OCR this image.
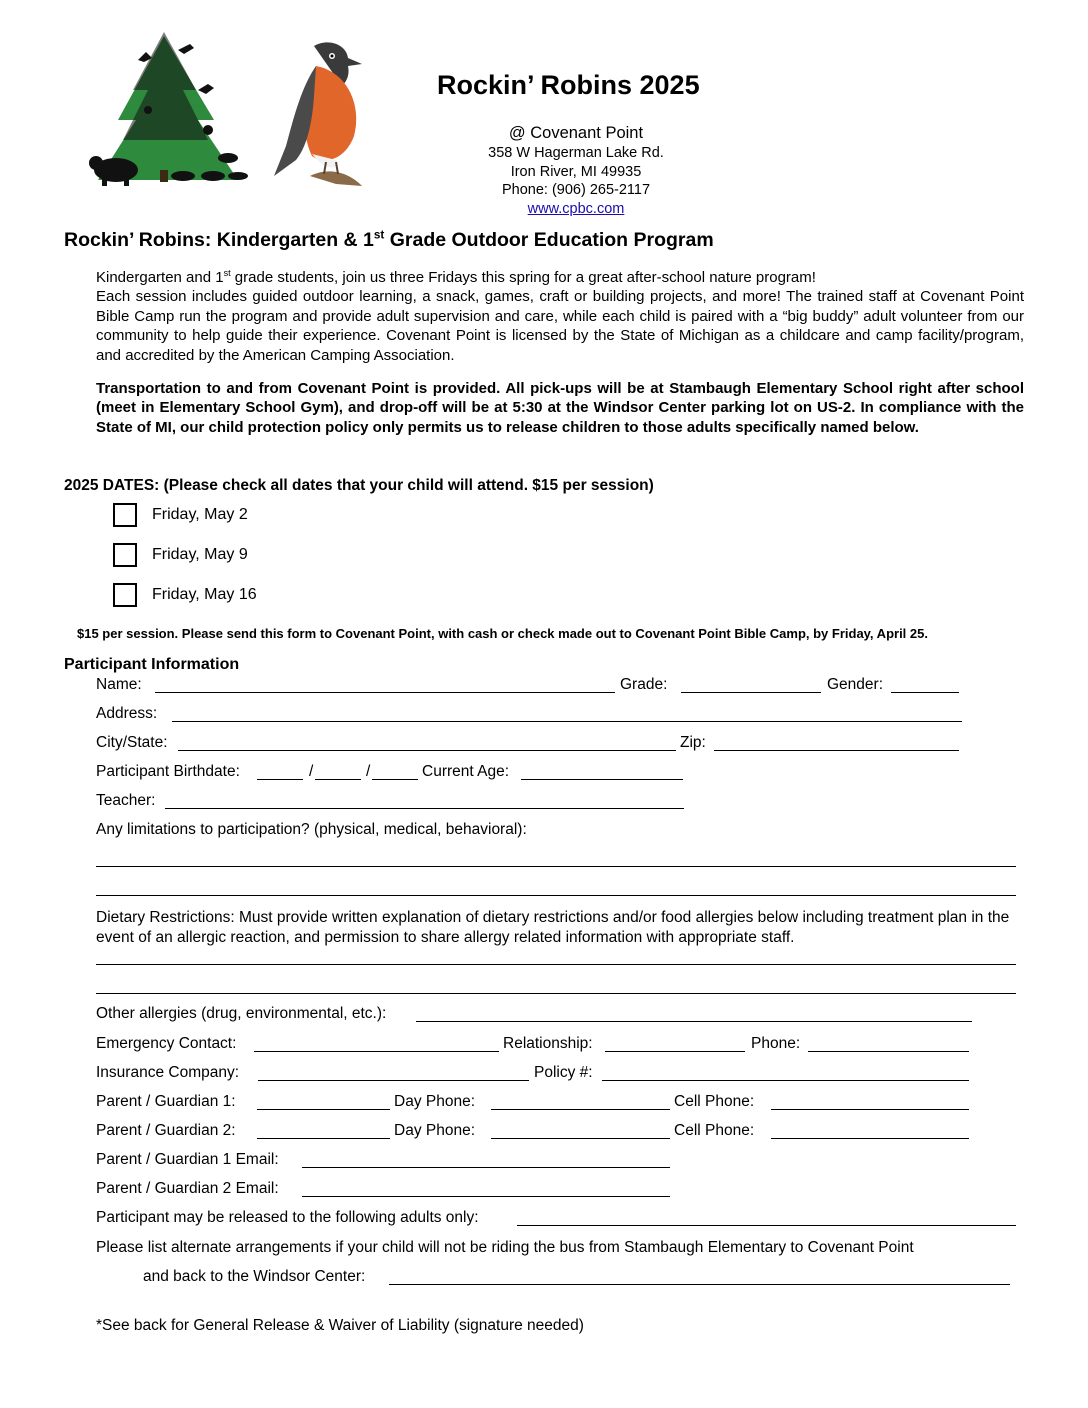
Rockin’ Robins 2025
@ Covenant Point
358 W Hagerman Lake Rd.
Iron River, MI 49935
Phone: (906) 265-2117
www.cpbc.com
Rockin’ Robins: Kindergarten & 1st Grade Outdoor Education Program

Kindergarten and 1st grade students, join us three Fridays this spring for a great after-school nature program!

Each session includes guided outdoor learning, a snack, games, craft or building projects, and more! The trained staff at Covenant Point Bible Camp run the program and provide adult supervision and care, while each child is paired with a “big buddy” adult volunteer from our community to help guide their experience. Covenant Point is licensed by the State of Michigan as a childcare and camp facility/program, and accredited by the American Camping Association.

Transportation to and from Covenant Point is provided. All pick-ups will be at Stambaugh Elementary School right after school (meet in Elementary School Gym), and drop-off will be at 5:30 at the Windsor Center parking lot on US-2. In compliance with the State of MI, our child protection policy only permits us to release children to those adults specifically named below.
2025 DATES: (Please check all dates that your child will attend. $15 per session)
Friday, May 2
Friday, May 9
Friday, May 16
$15 per session. Please send this form to Covenant Point, with cash or check made out to Covenant Point Bible Camp, by Friday, April 25.
Participant Information
Name:	Grade:	Gender:
Address:
City/State:	Zip:
Participant Birthdate:	/	/	Current Age:
Teacher:
Any limitations to participation? (physical, medical, behavioral):
Dietary Restrictions: Must provide written explanation of dietary restrictions and/or food allergies below including treatment plan in the event of an allergic reaction, and permission to share allergy related information with appropriate staff.
Other allergies (drug, environmental, etc.):
Emergency Contact:	Relationship:	Phone:
Insurance Company:	Policy #:
Parent / Guardian 1:	Day Phone:	Cell Phone:
Parent / Guardian 2:	Day Phone:	Cell Phone:
Parent / Guardian 1 Email:
Parent / Guardian 2 Email:
Participant may be released to the following adults only:
Please list alternate arrangements if your child will not be riding the bus from Stambaugh Elementary to Covenant Point
and back to the Windsor Center:
*See back for General Release & Waiver of Liability (signature needed)
